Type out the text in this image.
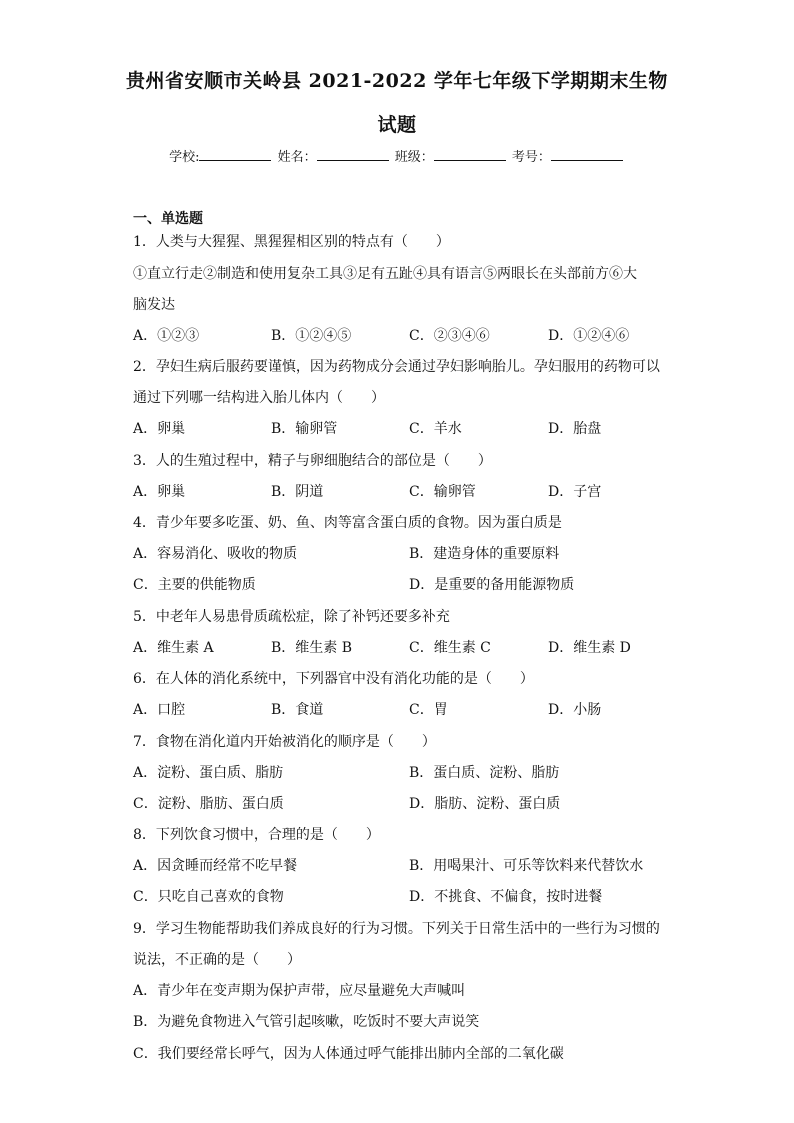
贵州省安顺市关岭县 2021-2022 学年七年级下学期期末生物
试题
学校:	姓名：	班级：	考号：
一、单选题
1．人类与大猩猩、黑猩猩相区别的特点有（　　）
①直立行走②制造和使用复杂工具③足有五趾④具有语言⑤两眼长在头部前方⑥大
脑发达
A．①②③	B．①②④⑤	C．②③④⑥	D．①②④⑥
2．孕妇生病后服药要谨慎，因为药物成分会通过孕妇影响胎儿。孕妇服用的药物可以
通过下列哪一结构进入胎儿体内（　　）
A．卵巢	B．输卵管	C．羊水	D．胎盘
3．人的生殖过程中，精子与卵细胞结合的部位是（　　）
A．卵巢	B．阴道	C．输卵管	D．子宫
4．青少年要多吃蛋、奶、鱼、肉等富含蛋白质的食物。因为蛋白质是
A．容易消化、吸收的物质	B．建造身体的重要原料
C．主要的供能物质	D．是重要的备用能源物质
5．中老年人易患骨质疏松症，除了补钙还要多补充
A．维生素 A	B．维生素 B	C．维生素 C	D．维生素 D
6．在人体的消化系统中，下列器官中没有消化功能的是（　　）
A．口腔	B．食道	C．胃	D．小肠
7．食物在消化道内开始被消化的顺序是（　　）
A．淀粉、蛋白质、脂肪	B．蛋白质、淀粉、脂肪
C．淀粉、脂肪、蛋白质	D．脂肪、淀粉、蛋白质
8．下列饮食习惯中，合理的是（　　）
A．因贪睡而经常不吃早餐	B．用喝果汁、可乐等饮料来代替饮水
C．只吃自己喜欢的食物	D．不挑食、不偏食，按时进餐
9．学习生物能帮助我们养成良好的行为习惯。下列关于日常生活中的一些行为习惯的
说法，不正确的是（　　）
A．青少年在变声期为保护声带，应尽量避免大声喊叫
B．为避免食物进入气管引起咳嗽，吃饭时不要大声说笑
C．我们要经常长呼气，因为人体通过呼气能排出肺内全部的二氧化碳
